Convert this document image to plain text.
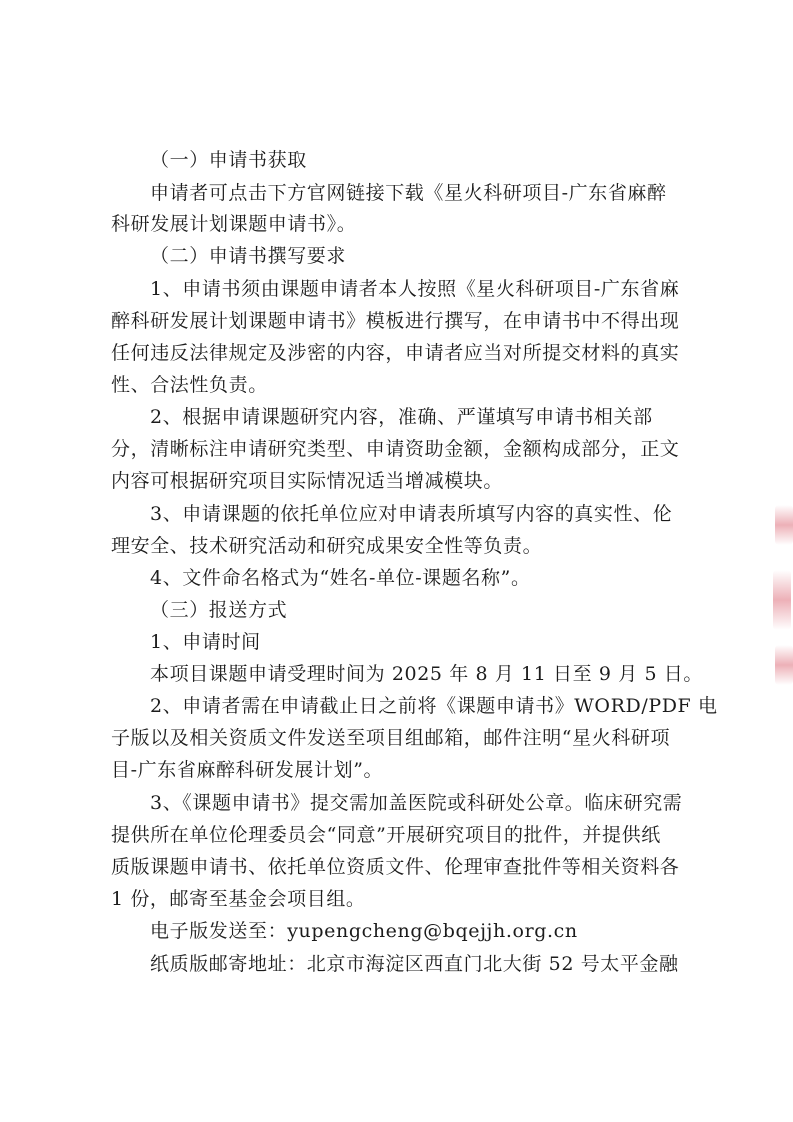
（一）申请书获取

申请者可点击下方官网链接下载《星火科研项目-广东省麻醉

科研发展计划课题申请书》。

（二）申请书撰写要求

1、申请书须由课题申请者本人按照《星火科研项目-广东省麻

醉科研发展计划课题申请书》模板进行撰写，在申请书中不得出现

任何违反法律规定及涉密的内容，申请者应当对所提交材料的真实

性、合法性负责。

2、根据申请课题研究内容，准确、严谨填写申请书相关部

分，清晰标注申请研究类型、申请资助金额，金额构成部分，正文

内容可根据研究项目实际情况适当增减模块。

3、申请课题的依托单位应对申请表所填写内容的真实性、伦

理安全、技术研究活动和研究成果安全性等负责。

4、文件命名格式为“姓名-单位-课题名称”。

（三）报送方式

1、申请时间

本项目课题申请受理时间为 2025 年 8 月 11 日至 9 月 5 日。

2、申请者需在申请截止日之前将《课题申请书》WORD/PDF 电

子版以及相关资质文件发送至项目组邮箱，邮件注明“星火科研项

目-广东省麻醉科研发展计划”。

3、《课题申请书》提交需加盖医院或科研处公章。临床研究需

提供所在单位伦理委员会“同意”开展研究项目的批件，并提供纸

质版课题申请书、依托单位资质文件、伦理审查批件等相关资料各

1 份，邮寄至基金会项目组。

电子版发送至：yupengcheng@bqejjh.org.cn

纸质版邮寄地址：北京市海淀区西直门北大街 52 号太平金融
